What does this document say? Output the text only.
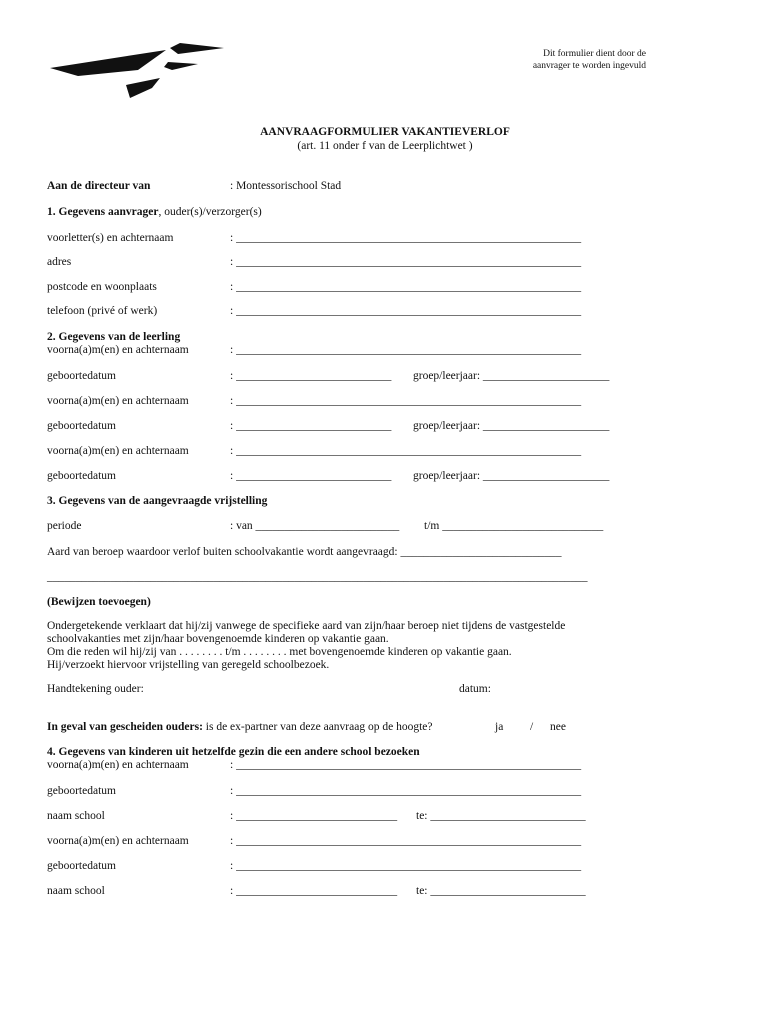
Dit formulier dient door de
aanvrager te worden ingevuld
AANVRAAGFORMULIER VAKANTIEVERLOF
(art. 11 onder f van de Leerplichtwet )
Aan de directeur van	: Montessorischool Stad
1. Gegevens aanvrager, ouder(s)/verzorger(s)
voorletter(s) en achternaam	: ____________________________________________________________
adres	: ____________________________________________________________
postcode en woonplaats	: ____________________________________________________________
telefoon (privé of werk)	: ____________________________________________________________
2. Gegevens van de leerling
voorna(a)m(en) en achternaam	: ____________________________________________________________
geboortedatum	: ___________________________ groep/leerjaar: ______________________
voorna(a)m(en) en achternaam	: ____________________________________________________________
geboortedatum	: ___________________________ groep/leerjaar: ______________________
voorna(a)m(en) en achternaam	: ____________________________________________________________
geboortedatum	: ___________________________ groep/leerjaar: ______________________
3. Gegevens van de aangevraagde vrijstelling
periode	: van _________________________ t/m ____________________________
Aard van beroep waardoor verlof buiten schoolvakantie wordt aangevraagd: ____________________________
______________________________________________________________________________________________
(Bewijzen toevoegen)
Ondergetekende verklaart dat hij/zij vanwege de specifieke aard van zijn/haar beroep niet tijdens de vastgestelde
schoolvakanties met zijn/haar bovengenoemde kinderen op vakantie gaan.
Om die reden wil hij/zij van . . . . . . . . t/m . . . . . . . . met bovengenoemde kinderen op vakantie gaan.
Hij/verzoekt hiervoor vrijstelling van geregeld schoolbezoek.
Handtekening ouder:	datum:
In geval van gescheiden ouders: is de ex-partner van deze aanvraag op de hoogte?	ja / nee
4. Gegevens van kinderen uit hetzelfde gezin die een andere school bezoeken
voorna(a)m(en) en achternaam	: ____________________________________________________________
geboortedatum	: ____________________________________________________________
naam school	: ____________________________ te: ___________________________
voorna(a)m(en) en achternaam	: ____________________________________________________________
geboortedatum	: ____________________________________________________________
naam school	: ____________________________ te: ___________________________
